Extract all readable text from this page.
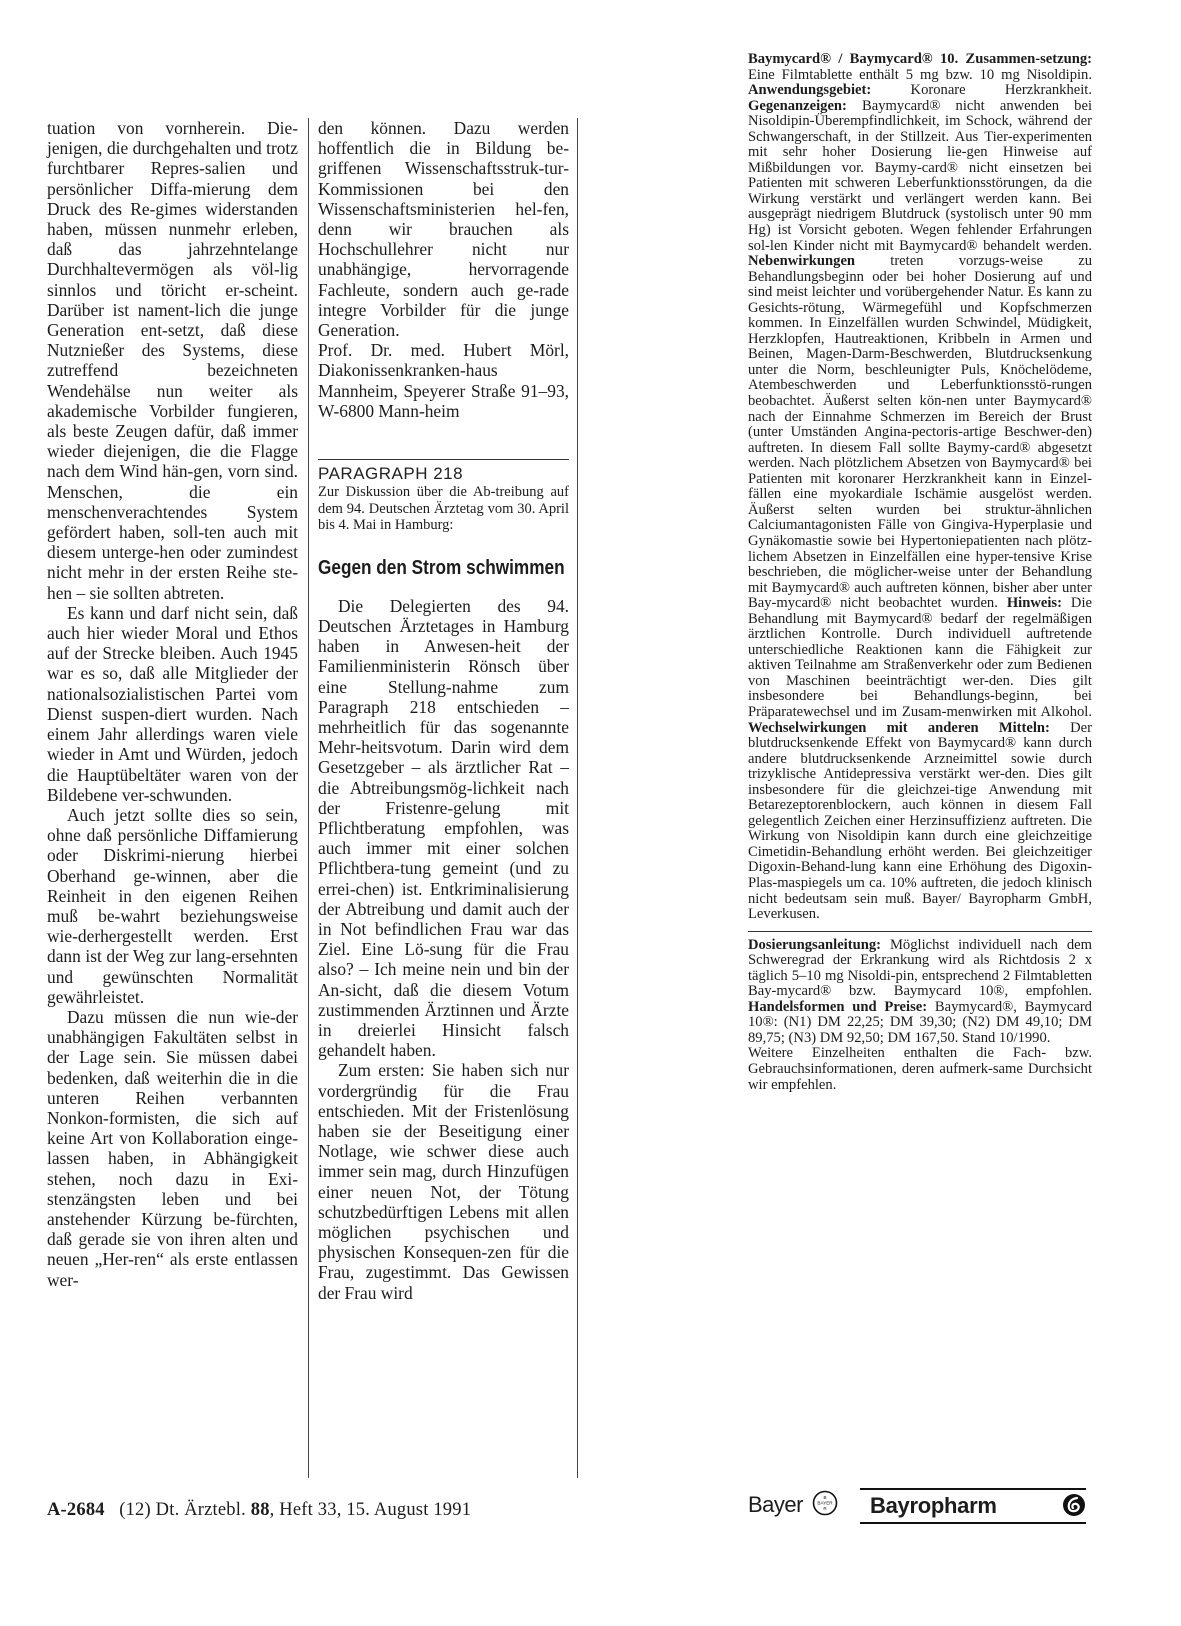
tuation von vornherein. Die-jenigen, die durchgehalten und trotz furchtbarer Repres-salien und persönlicher Diffa-mierung dem Druck des Re-gimes widerstanden haben, müssen nunmehr erleben, daß das jahrzehntelange Durchhaltevermögen als völ-lig sinnlos und töricht er-scheint. Darüber ist nament-lich die junge Generation ent-setzt, daß diese Nutznießer des Systems, diese zutreffend bezeichneten Wendehälse nun weiter als akademische Vorbilder fungieren, als beste Zeugen dafür, daß immer wieder diejenigen, die die Flagge nach dem Wind hän-gen, vorn sind. Menschen, die ein menschenverachtendes System gefördert haben, soll-ten auch mit diesem unterge-hen oder zumindest nicht mehr in der ersten Reihe ste-hen – sie sollten abtreten.

Es kann und darf nicht sein, daß auch hier wieder Moral und Ethos auf der Strecke bleiben. Auch 1945 war es so, daß alle Mitglieder der nationalsozialistischen Partei vom Dienst suspen-diert wurden. Nach einem Jahr allerdings waren viele wieder in Amt und Würden, jedoch die Hauptübeltäter waren von der Bildebene ver-schwunden.

Auch jetzt sollte dies so sein, ohne daß persönliche Diffamierung oder Diskrimi-nierung hierbei Oberhand ge-winnen, aber die Reinheit in den eigenen Reihen muß be-wahrt beziehungsweise wie-derhergestellt werden. Erst dann ist der Weg zur lang-ersehnten und gewünschten Normalität gewährleistet.

Dazu müssen die nun wie-der unabhängigen Fakultäten selbst in der Lage sein. Sie müssen dabei bedenken, daß weiterhin die in die unteren Reihen verbannten Nonkon-formisten, die sich auf keine Art von Kollaboration einge-lassen haben, in Abhängigkeit stehen, noch dazu in Exi-stenzängsten leben und bei anstehender Kürzung be-fürchten, daß gerade sie von ihren alten und neuen „Her-ren“ als erste entlassen wer-

den können. Dazu werden hoffentlich die in Bildung be-griffenen Wissenschaftsstruk-tur-Kommissionen bei den Wissenschaftsministerien hel-fen, denn wir brauchen als Hochschullehrer nicht nur unabhängige, hervorragende Fachleute, sondern auch ge-rade integre Vorbilder für die junge Generation.

Prof. Dr. med. Hubert Mörl, Diakonissenkranken-haus Mannheim, Speyerer Straße 91–93, W-6800 Mann-heim

PARAGRAPH 218

Zur Diskussion über die Ab-treibung auf dem 94. Deutschen Ärztetag vom 30. April bis 4. Mai in Hamburg:

Gegen den Strom schwimmen

Die Delegierten des 94. Deutschen Ärztetages in Hamburg haben in Anwesen-heit der Familienministerin Rönsch über eine Stellung-nahme zum Paragraph 218 entschieden – mehrheitlich für das sogenannte Mehr-heitsvotum. Darin wird dem Gesetzgeber – als ärztlicher Rat – die Abtreibungsmög-lichkeit nach der Fristenre-gelung mit Pflichtberatung empfohlen, was auch immer mit einer solchen Pflichtbera-tung gemeint (und zu errei-chen) ist. Entkriminalisierung der Abtreibung und damit auch der in Not befindlichen Frau war das Ziel. Eine Lö-sung für die Frau also? – Ich meine nein und bin der An-sicht, daß die diesem Votum zustimmenden Ärztinnen und Ärzte in dreierlei Hinsicht falsch gehandelt haben.

Zum ersten: Sie haben sich nur vordergründig für die Frau entschieden. Mit der Fristenlösung haben sie der Beseitigung einer Notlage, wie schwer diese auch immer sein mag, durch Hinzufügen einer neuen Not, der Tötung schutzbedürftigen Lebens mit allen möglichen psychischen und physischen Konsequen-zen für die Frau, zugestimmt. Das Gewissen der Frau wird

Baymycard® / Baymycard® 10. Zusammen-setzung: Eine Filmtablette enthält 5 mg bzw. 10 mg Nisoldipin. Anwendungsgebiet: Koronare Herzkrankheit. Gegenanzeigen: Baymycard® nicht anwenden bei Nisoldipin-Überempfindlichkeit, im Schock, während der Schwangerschaft, in der Stillzeit. Aus Tier-experimenten mit sehr hoher Dosierung lie-gen Hinweise auf Mißbildungen vor. Baymy-card® nicht einsetzen bei Patienten mit schweren Leberfunktionsstörungen, da die Wirkung verstärkt und verlängert werden kann. Bei ausgeprägt niedrigem Blutdruck (systolisch unter 90 mm Hg) ist Vorsicht geboten. Wegen fehlender Erfahrungen sol-len Kinder nicht mit Baymycard® behandelt werden. Nebenwirkungen treten vorzugs-weise zu Behandlungsbeginn oder bei hoher Dosierung auf und sind meist leichter und vorübergehender Natur. Es kann zu Gesichts-rötung, Wärmegefühl und Kopfschmerzen kommen. In Einzelfällen wurden Schwindel, Müdigkeit, Herzklopfen, Hautreaktionen, Kribbeln in Armen und Beinen, Magen-Darm-Beschwerden, Blutdrucksenkung unter die Norm, beschleunigter Puls, Knöchelödeme, Atembeschwerden und Leberfunktionsstö-rungen beobachtet. Äußerst selten kön-nen unter Baymycard® nach der Einnahme Schmerzen im Bereich der Brust (unter Umständen Angina-pectoris-artige Beschwer-den) auftreten. In diesem Fall sollte Baymy-card® abgesetzt werden. Nach plötzlichem Absetzen von Baymycard® bei Patienten mit koronarer Herzkrankheit kann in Einzel-fällen eine myokardiale Ischämie ausgelöst werden. Äußerst selten wurden bei struktur-ähnlichen Calciumantagonisten Fälle von Gingiva-Hyperplasie und Gynäkomastie sowie bei Hypertoniepatienten nach plötz-lichem Absetzen in Einzelfällen eine hyper-tensive Krise beschrieben, die möglicher-weise unter der Behandlung mit Baymycard® auch auftreten können, bisher aber unter Bay-mycard® nicht beobachtet wurden. Hinweis: Die Behandlung mit Baymycard® bedarf der regelmäßigen ärztlichen Kontrolle. Durch individuell auftretende unterschiedliche Reaktionen kann die Fähigkeit zur aktiven Teilnahme am Straßenverkehr oder zum Bedienen von Maschinen beeinträchtigt wer-den. Dies gilt insbesondere bei Behandlungs-beginn, bei Präparatewechsel und im Zusam-menwirken mit Alkohol. Wechselwirkungen mit anderen Mitteln: Der blutdrucksenkende Effekt von Baymycard® kann durch andere blutdrucksenkende Arzneimittel sowie durch trizyklische Antidepressiva verstärkt wer-den. Dies gilt insbesondere für die gleichzei-tige Anwendung mit Betarezeptorenblockern, auch können in diesem Fall gelegentlich Zeichen einer Herzinsuffizienz auftreten. Die Wirkung von Nisoldipin kann durch eine gleichzeitige Cimetidin-Behandlung erhöht werden. Bei gleichzeitiger Digoxin-Behand-lung kann eine Erhöhung des Digoxin-Plas-maspiegels um ca. 10% auftreten, die jedoch klinisch nicht bedeutsam sein muß. Bayer/ Bayropharm GmbH, Leverkusen.

Dosierungsanleitung: Möglichst individuell nach dem Schweregrad der Erkrankung wird als Richtdosis 2 x täglich 5–10 mg Nisoldi-pin, entsprechend 2 Filmtabletten Bay-mycard® bzw. Baymycard 10®, empfohlen. Handelsformen und Preise: Baymycard®, Baymycard 10®: (N1) DM 22,25; DM 39,30; (N2) DM 49,10; DM 89,75; (N3) DM 92,50; DM 167,50. Stand 10/1990.

Weitere Einzelheiten enthalten die Fach- bzw. Gebrauchsinformationen, deren aufmerk-same Durchsicht wir empfehlen.

Bayer	B
BAYER
R Bayropharm
A-2684 (12) Dt. Ärztebl. 88, Heft 33, 15. August 1991
